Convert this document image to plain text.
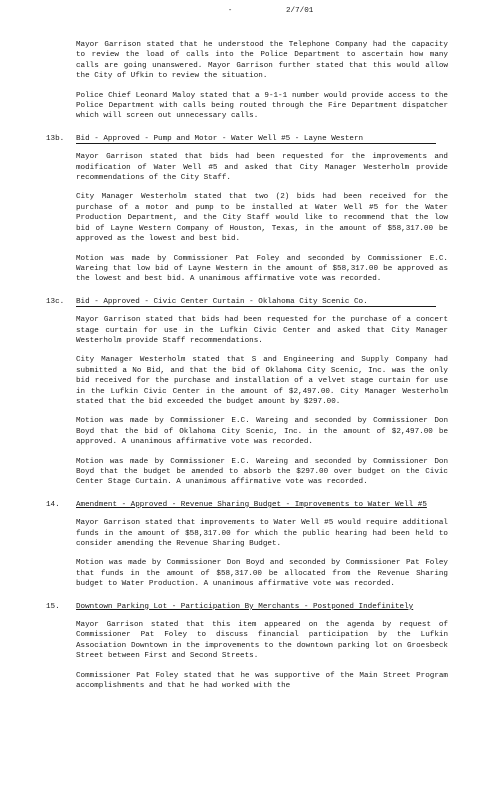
-	2/7/01

Mayor Garrison stated that he understood the Telephone Company had the capacity to review the load of calls into the Police Department to ascertain how many calls are going unanswered. Mayor Garrison further stated that this would allow the City of Ufkin to review the situation.

Police Chief Leonard Maloy stated that a 9-1-1 number would provide access to the Police Department with calls being routed through the Fire Department dispatcher which will screen out unnecessary calls.

13b.	Bid - Approved - Pump and Motor - Water Well #5 - Layne Western

Mayor Garrison stated that bids had been requested for the improvements and modification of Water Well #5 and asked that City Manager Westerholm provide recommendations of the City Staff.

City Manager Westerholm stated that two (2) bids had been received for the purchase of a motor and pump to be installed at Water Well #5 for the Water Production Department, and the City Staff would like to recommend that the low bid of Layne Western Company of Houston, Texas, in the amount of $58,317.00 be approved as the lowest and best bid.

Motion was made by Commissioner Pat Foley and seconded by Commissioner E.C. Wareing that low bid of Layne Western in the amount of $58,317.00 be approved as the lowest and best bid. A unanimous affirmative vote was recorded.

13c.	Bid - Approved - Civic Center Curtain - Oklahoma City Scenic Co.

Mayor Garrison stated that bids had been requested for the purchase of a concert stage curtain for use in the Lufkin Civic Center and asked that City Manager Westerholm provide Staff recommendations.

City Manager Westerholm stated that S and Engineering and Supply Company had submitted a No Bid, and that the bid of Oklahoma City Scenic, Inc. was the only bid received for the purchase and installation of a velvet stage curtain for use in the Lufkin Civic Center in the amount of $2,497.00. City Manager Westerholm stated that the bid exceeded the budget amount by $297.00.

Motion was made by Commissioner E.C. Wareing and seconded by Commissioner Don Boyd that the bid of Oklahoma City Scenic, Inc. in the amount of $2,497.00 be approved. A unanimous affirmative vote was recorded.

Motion was made by Commissioner E.C. Wareing and seconded by Commissioner Don Boyd that the budget be amended to absorb the $297.00 over budget on the Civic Center Stage Curtain. A unanimous affirmative vote was recorded.

14.	Amendment - Approved - Revenue Sharing Budget - Improvements to Water Well #5

Mayor Garrison stated that improvements to Water Well #5 would require additional funds in the amount of $58,317.00 for which the public hearing had been held to consider amending the Revenue Sharing Budget.

Motion was made by Commissioner Don Boyd and seconded by Commissioner Pat Foley that funds in the amount of $58,317.00 be allocated from the Revenue Sharing budget to Water Production. A unanimous affirmative vote was recorded.

15.	Downtown Parking Lot - Participation By Merchants - Postponed Indefinitely

Mayor Garrison stated that this item appeared on the agenda by request of Commissioner Pat Foley to discuss financial participation by the Lufkin Association Downtown in the improvements to the downtown parking lot on Groesbeck Street between First and Second Streets.

Commissioner Pat Foley stated that he was supportive of the Main Street Program accomplishments and that he had worked with the
